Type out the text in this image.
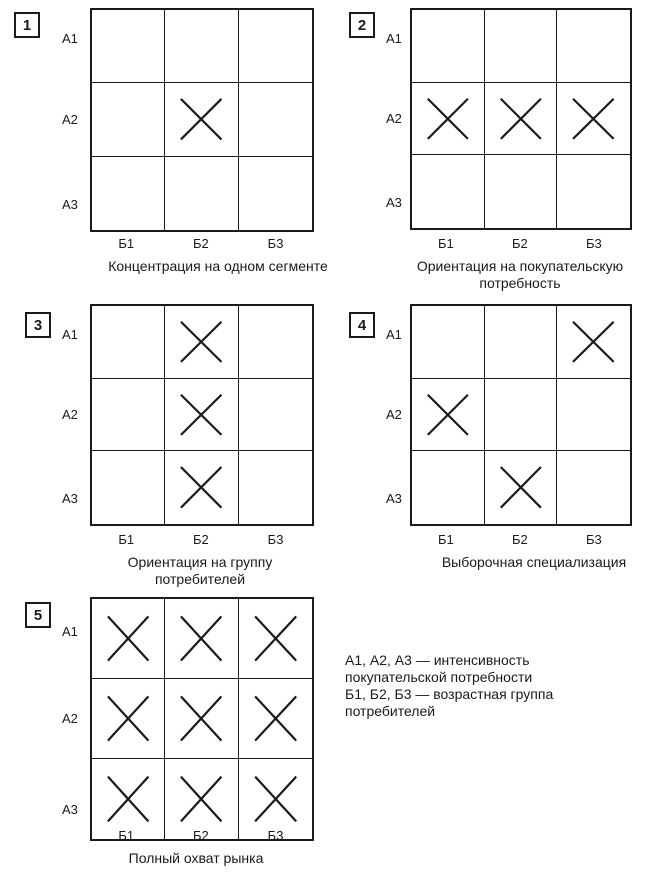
1
А1
А2
А3
Б1	Б2	Б3
Концентрация на одном сегменте
2
А1
А2
А3
Б1	Б2	Б3
Ориентация на покупательскую
потребность
3
А1
А2
А3
Б1	Б2	Б3
Ориентация на группу
потребителей
4
А1
А2
А3
Б1	Б2	Б3
Выборочная специализация
5
А1
А2
А3
Б1	Б2	Б3
Полный охват рынка
А1, А2, А3 — интенсивность
покупательской потребности
Б1, Б2, Б3 — возрастная группа
потребителей
